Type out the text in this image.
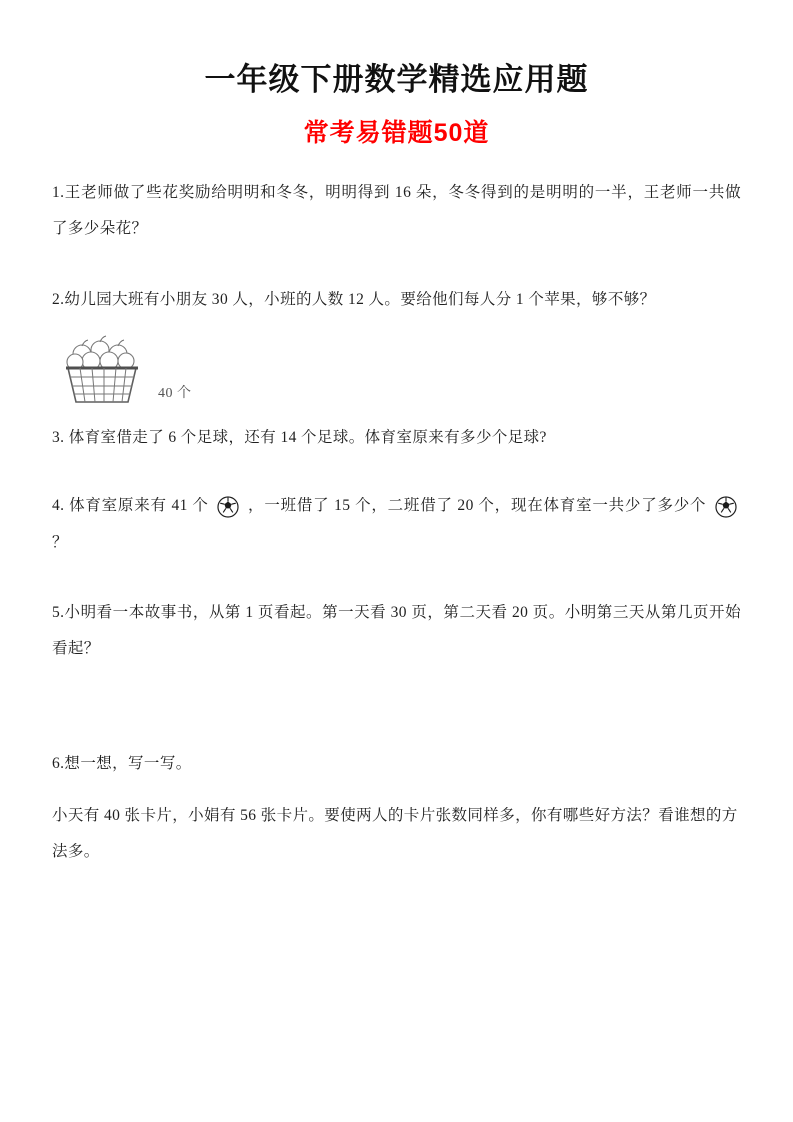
一年级下册数学精选应用题
常考易错题50道

1.王老师做了些花奖励给明明和冬冬，明明得到 16 朵，冬冬得到的是明明的一半，王老师一共做了多少朵花？

2.幼儿园大班有小朋友 30 人，小班的人数 12 人。要给他们每人分 1 个苹果，够不够？

40 个

3. 体育室借走了 6 个足球，还有 14 个足球。体育室原来有多少个足球?

4. 体育室原来有 41 个	，一班借了 15 个，二班借了 20 个，现在体育室一共少了多少个  ？

5.小明看一本故事书，从第 1 页看起。第一天看 30 页，第二天看 20 页。小明第三天从第几页开始看起？

6.想一想，写一写。

小天有 40 张卡片，小娟有 56 张卡片。要使两人的卡片张数同样多，你有哪些好方法？看谁想的方法多。
